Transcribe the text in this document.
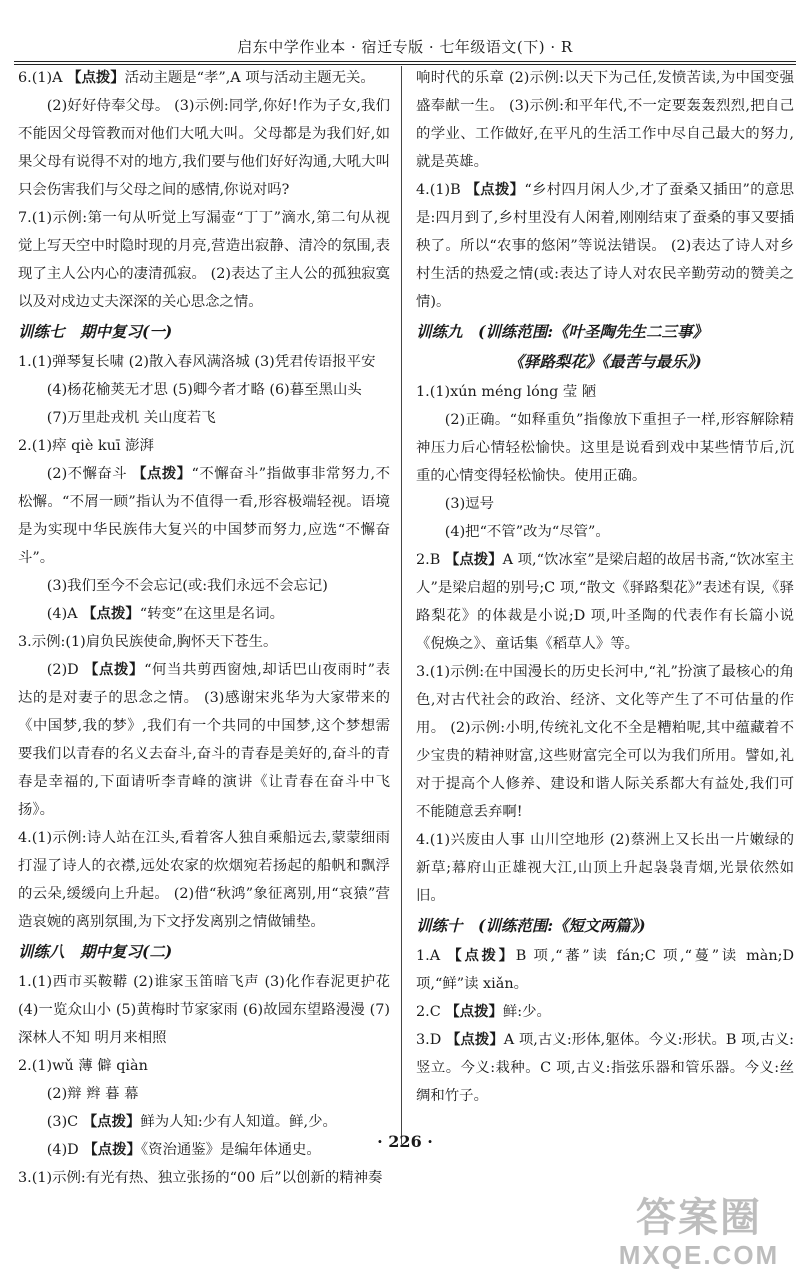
启东中学作业本 · 宿迁专版 · 七年级语文(下) · R

6.(1)A 【点拨】活动主题是“孝”,A 项与活动主题无关。

(2)好好侍奉父母。 (3)示例:同学,你好!作为子女,我们不能因父母管教而对他们大吼大叫。父母都是为我们好,如果父母有说得不对的地方,我们要与他们好好沟通,大吼大叫只会伤害我们与父母之间的感情,你说对吗?

7.(1)示例:第一句从听觉上写漏壶“丁丁”滴水,第二句从视觉上写天空中时隐时现的月亮,营造出寂静、清冷的氛围,表现了主人公内心的凄清孤寂。 (2)表达了主人公的孤独寂寞以及对戍边丈夫深深的关心思念之情。

训练七　期中复习(一)

1.(1)弹琴复长啸 (2)散入春风满洛城 (3)凭君传语报平安

(4)杨花榆荚无才思 (5)卿今者才略 (6)暮至黑山头

(7)万里赴戎机 关山度若飞

2.(1)瘁 qiè kuī 澎湃

(2)不懈奋斗 【点拨】“不懈奋斗”指做事非常努力,不松懈。“不屑一顾”指认为不值得一看,形容极端轻视。语境是为实现中华民族伟大复兴的中国梦而努力,应选“不懈奋斗”。

(3)我们至今不会忘记(或:我们永远不会忘记)

(4)A 【点拨】“转变”在这里是名词。

3.示例:(1)肩负民族使命,胸怀天下苍生。

(2)D 【点拨】“何当共剪西窗烛,却话巴山夜雨时”表达的是对妻子的思念之情。 (3)感谢宋兆华为大家带来的《中国梦,我的梦》,我们有一个共同的中国梦,这个梦想需要我们以青春的名义去奋斗,奋斗的青春是美好的,奋斗的青春是幸福的,下面请听李青峰的演讲《让青春在奋斗中飞扬》。

4.(1)示例:诗人站在江头,看着客人独自乘船远去,蒙蒙细雨打湿了诗人的衣襟,远处农家的炊烟宛若扬起的船帆和飘浮的云朵,缓缓向上升起。 (2)借“秋鸿”象征离别,用“哀猿”营造哀婉的离别氛围,为下文抒发离别之情做铺垫。

训练八　期中复习(二)

1.(1)西市买鞍鞯 (2)谁家玉笛暗飞声 (3)化作春泥更护花 (4)一览众山小 (5)黄梅时节家家雨 (6)故园东望路漫漫 (7)深林人不知 明月来相照

2.(1)wǔ 薄 僻 qiàn

(2)辩 辫 暮 幕

(3)C 【点拨】鲜为人知:少有人知道。鲜,少。

(4)D 【点拨】《资治通鉴》是编年体通史。

3.(1)示例:有光有热、独立张扬的“00 后”以创新的精神奏

响时代的乐章 (2)示例:以天下为己任,发愤苦读,为中国变强盛奉献一生。 (3)示例:和平年代,不一定要轰轰烈烈,把自己的学业、工作做好,在平凡的生活工作中尽自己最大的努力,就是英雄。

4.(1)B 【点拨】“乡村四月闲人少,才了蚕桑又插田”的意思是:四月到了,乡村里没有人闲着,刚刚结束了蚕桑的事又要插秧了。所以“农事的悠闲”等说法错误。 (2)表达了诗人对乡村生活的热爱之情(或:表达了诗人对农民辛勤劳动的赞美之情)。

训练九　(训练范围:《叶圣陶先生二三事》

《驿路梨花》《最苦与最乐》)

1.(1)xún méng lóng 莹 陋

(2)正确。“如释重负”指像放下重担子一样,形容解除精神压力后心情轻松愉快。这里是说看到戏中某些情节后,沉重的心情变得轻松愉快。使用正确。

(3)逗号

(4)把“不管”改为“尽管”。

2.B 【点拨】A 项,“饮冰室”是梁启超的故居书斋,“饮冰室主人”是梁启超的别号;C 项,“散文《驿路梨花》”表述有误,《驿路梨花》的体裁是小说;D 项,叶圣陶的代表作有长篇小说《倪焕之》、童话集《稻草人》等。

3.(1)示例:在中国漫长的历史长河中,“礼”扮演了最核心的角色,对古代社会的政治、经济、文化等产生了不可估量的作用。 (2)示例:小明,传统礼文化不全是糟粕呢,其中蕴藏着不少宝贵的精神财富,这些财富完全可以为我们所用。譬如,礼对于提高个人修养、建设和谐人际关系都大有益处,我们可不能随意丢弃啊!

4.(1)兴废由人事 山川空地形 (2)蔡洲上又长出一片嫩绿的新草;幕府山正雄视大江,山顶上升起袅袅青烟,光景依然如旧。

训练十　(训练范围:《短文两篇》)

1.A 【点拨】B 项,“蕃”读 fán;C 项,“蔓”读 màn;D 项,“鲜”读 xiǎn。

2.C 【点拨】鲜:少。

3.D 【点拨】A 项,古义:形体,躯体。今义:形状。B 项,古义:竖立。今义:栽种。C 项,古义:指弦乐器和管乐器。今义:丝绸和竹子。

· 226 ·
答案圈
MXQE.COM
